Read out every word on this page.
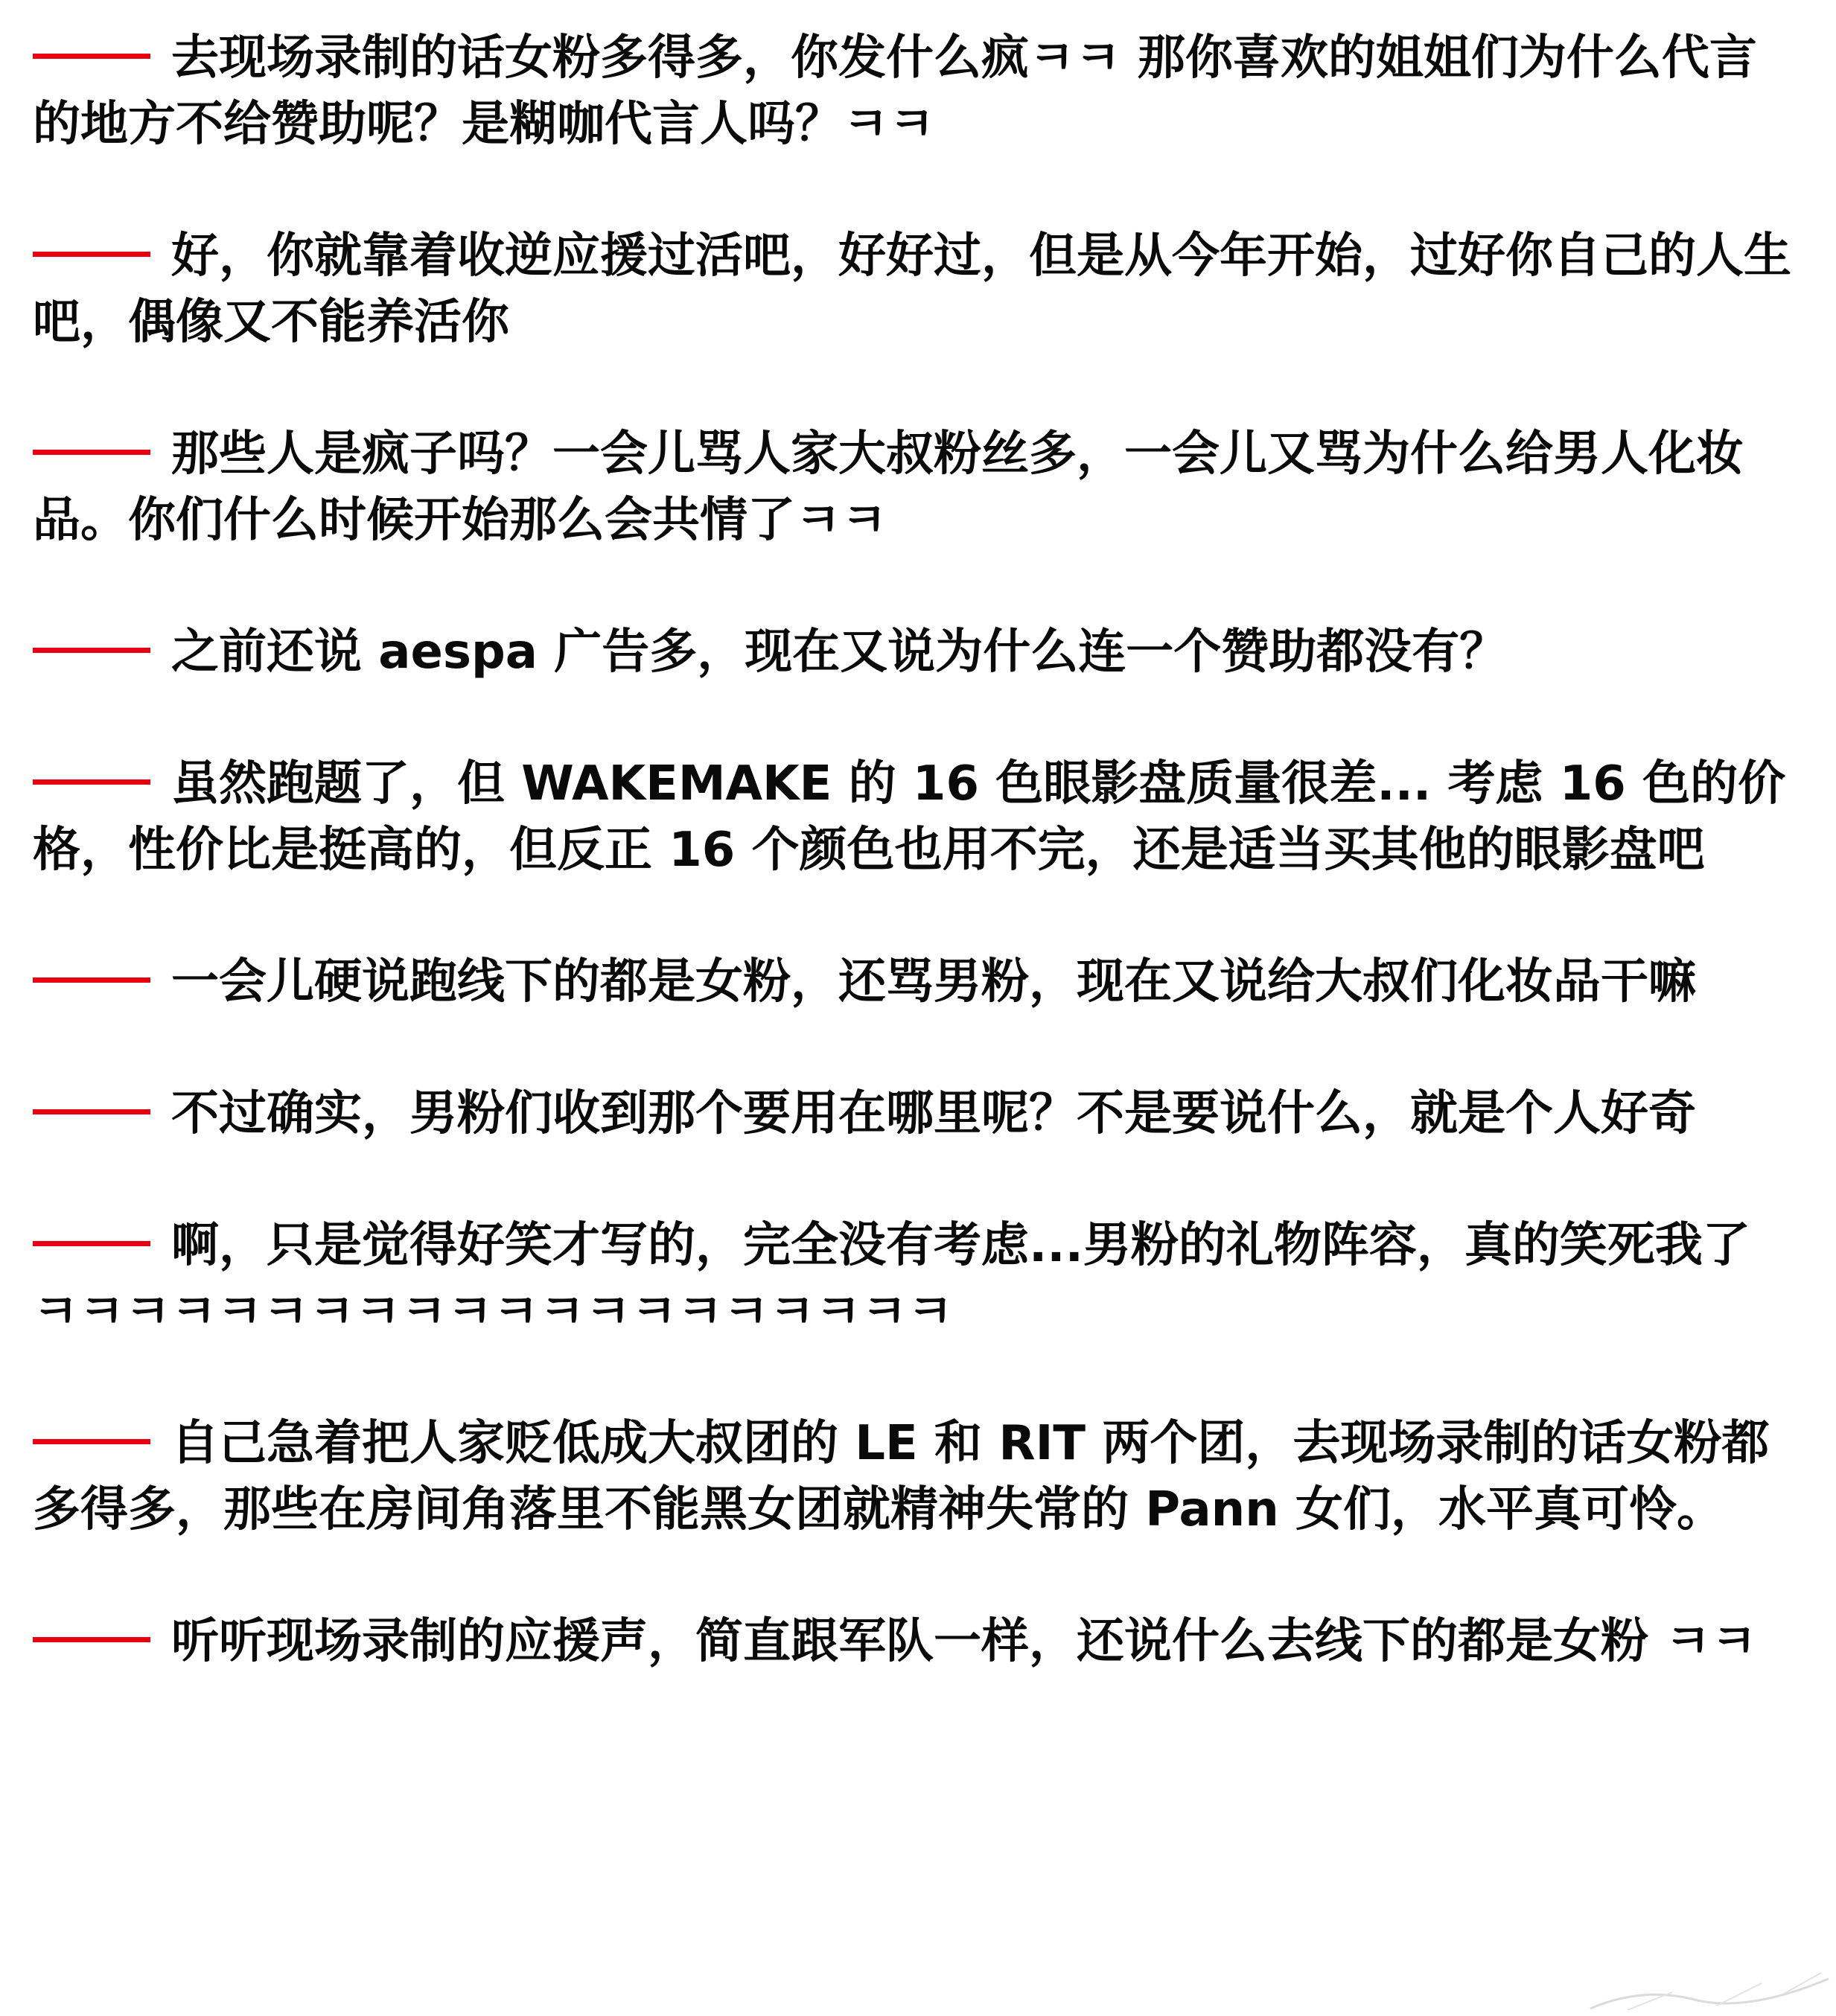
去现场录制的话女粉多得多，你发什么疯ㅋㅋ 那你喜欢的姐姐们为什么代言的地方不给赞助呢？是糊咖代言人吗？ㅋㅋ

好，你就靠着收逆应援过活吧，好好过，但是从今年开始，过好你自己的人生吧，偶像又不能养活你

那些人是疯子吗？一会儿骂人家大叔粉丝多，一会儿又骂为什么给男人化妆品。你们什么时候开始那么会共情了ㅋㅋ

之前还说 aespa 广告多，现在又说为什么连一个赞助都没有？

虽然跑题了，但 WAKEMAKE 的 16 色眼影盘质量很差... 考虑 16 色的价格，性价比是挺高的，但反正 16 个颜色也用不完，还是适当买其他的眼影盘吧

一会儿硬说跑线下的都是女粉，还骂男粉，现在又说给大叔们化妆品干嘛

不过确实，男粉们收到那个要用在哪里呢？不是要说什么，就是个人好奇

啊，只是觉得好笑才写的，完全没有考虑...男粉的礼物阵容，真的笑死我了 ㅋㅋㅋㅋㅋㅋㅋㅋㅋㅋㅋㅋㅋㅋㅋㅋㅋㅋㅋㅋ

自己急着把人家贬低成大叔团的 LE 和 RIT 两个团，去现场录制的话女粉都多得多，那些在房间角落里不能黑女团就精神失常的 Pann 女们，水平真可怜。

听听现场录制的应援声，简直跟军队一样，还说什么去线下的都是女粉 ㅋㅋ
